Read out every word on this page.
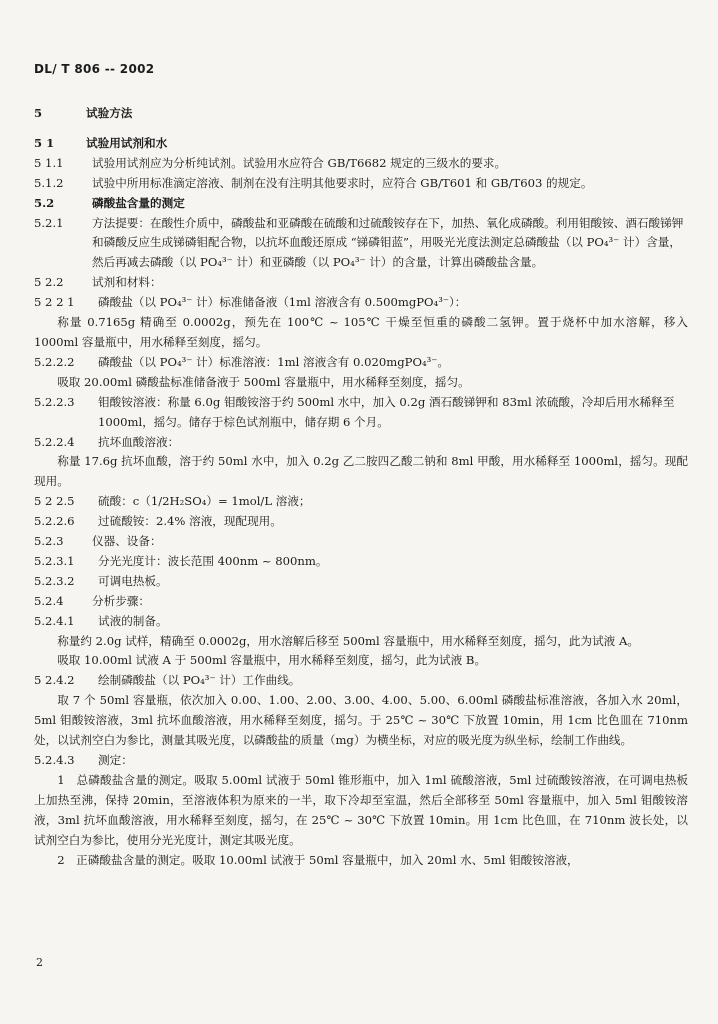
DL/ T 806 -- 2002
5	试验方法
5 1	试验用试剂和水
5 1.1	试验用试剂应为分析纯试剂。试验用水应符合 GB/T6682 规定的三级水的要求。
5.1.2	试验中所用标准滴定溶液、制剂在没有注明其他要求时，应符合 GB/T601 和 GB/T603 的规定。
5.2	磷酸盐含量的测定
5.2.1	方法提要：在酸性介质中，磷酸盐和亚磷酸在硫酸和过硫酸铵存在下，加热、氧化成磷酸。利用钼酸铵、酒石酸锑钾和磷酸反应生成锑磷钼配合物，以抗坏血酸还原成 “锑磷钼蓝”，用吸光光度法测定总磷酸盐（以 PO₄³⁻ 计）含量，然后再减去磷酸（以 PO₄³⁻ 计）和亚磷酸（以 PO₄³⁻ 计）的含量，计算出磷酸盐含量。
5 2.2	试剂和材料：
5 2 2 1	磷酸盐（以 PO₄³⁻ 计）标准储备液（1ml 溶液含有 0.500mgPO₄³⁻）：
称量 0.7165g 精确至 0.0002g，预先在 100℃ ~ 105℃ 干燥至恒重的磷酸二氢钾。置于烧杯中加水溶解，移入 1000ml 容量瓶中，用水稀释至刻度，摇匀。
5.2.2.2	磷酸盐（以 PO₄³⁻ 计）标准溶液：1ml 溶液含有 0.020mgPO₄³⁻。
吸取 20.00ml 磷酸盐标准储备液于 500ml 容量瓶中，用水稀释至刻度，摇匀。
5.2.2.3	钼酸铵溶液：称量 6.0g 钼酸铵溶于约 500ml 水中，加入 0.2g 酒石酸锑钾和 83ml 浓硫酸，冷却后用水稀释至 1000ml，摇匀。储存于棕色试剂瓶中，储存期 6 个月。
5.2.2.4	抗坏血酸溶液：
称量 17.6g 抗坏血酸，溶于约 50ml 水中，加入 0.2g 乙二胺四乙酸二钠和 8ml 甲酸，用水稀释至 1000ml，摇匀。现配现用。
5 2 2.5	硫酸：c（1/2H₂SO₄）= 1mol/L 溶液；
5.2.2.6	过硫酸铵：2.4% 溶液，现配现用。
5.2.3	仪器、设备：
5.2.3.1	分光光度计：波长范围 400nm ~ 800nm。
5.2.3.2	可调电热板。
5.2.4	分析步骤：
5.2.4.1	试液的制备。
称量约 2.0g 试样，精确至 0.0002g，用水溶解后移至 500ml 容量瓶中，用水稀释至刻度，摇匀，此为试液 A。
吸取 10.00ml 试液 A 于 500ml 容量瓶中，用水稀释至刻度，摇匀，此为试液 B。
5 2.4.2	绘制磷酸盐（以 PO₄³⁻ 计）工作曲线。
取 7 个 50ml 容量瓶，依次加入 0.00、1.00、2.00、3.00、4.00、5.00、6.00ml 磷酸盐标准溶液，各加入水 20ml，5ml 钼酸铵溶液，3ml 抗坏血酸溶液，用水稀释至刻度，摇匀。于 25℃ ~ 30℃ 下放置 10min，用 1cm 比色皿在 710nm 处，以试剂空白为参比，测量其吸光度，以磷酸盐的质量（mg）为横坐标，对应的吸光度为纵坐标，绘制工作曲线。
5.2.4.3	测定：
1　总磷酸盐含量的测定。吸取 5.00ml 试液于 50ml 锥形瓶中，加入 1ml 硫酸溶液，5ml 过硫酸铵溶液，在可调电热板上加热至沸，保持 20min，至溶液体积为原来的一半，取下冷却至室温，然后全部移至 50ml 容量瓶中，加入 5ml 钼酸铵溶液，3ml 抗坏血酸溶液，用水稀释至刻度，摇匀，在 25℃ ~ 30℃ 下放置 10min。用 1cm 比色皿，在 710nm 波长处，以试剂空白为参比，使用分光光度计，测定其吸光度。
2　正磷酸盐含量的测定。吸取 10.00ml 试液于 50ml 容量瓶中，加入 20ml 水、5ml 钼酸铵溶液，
2
